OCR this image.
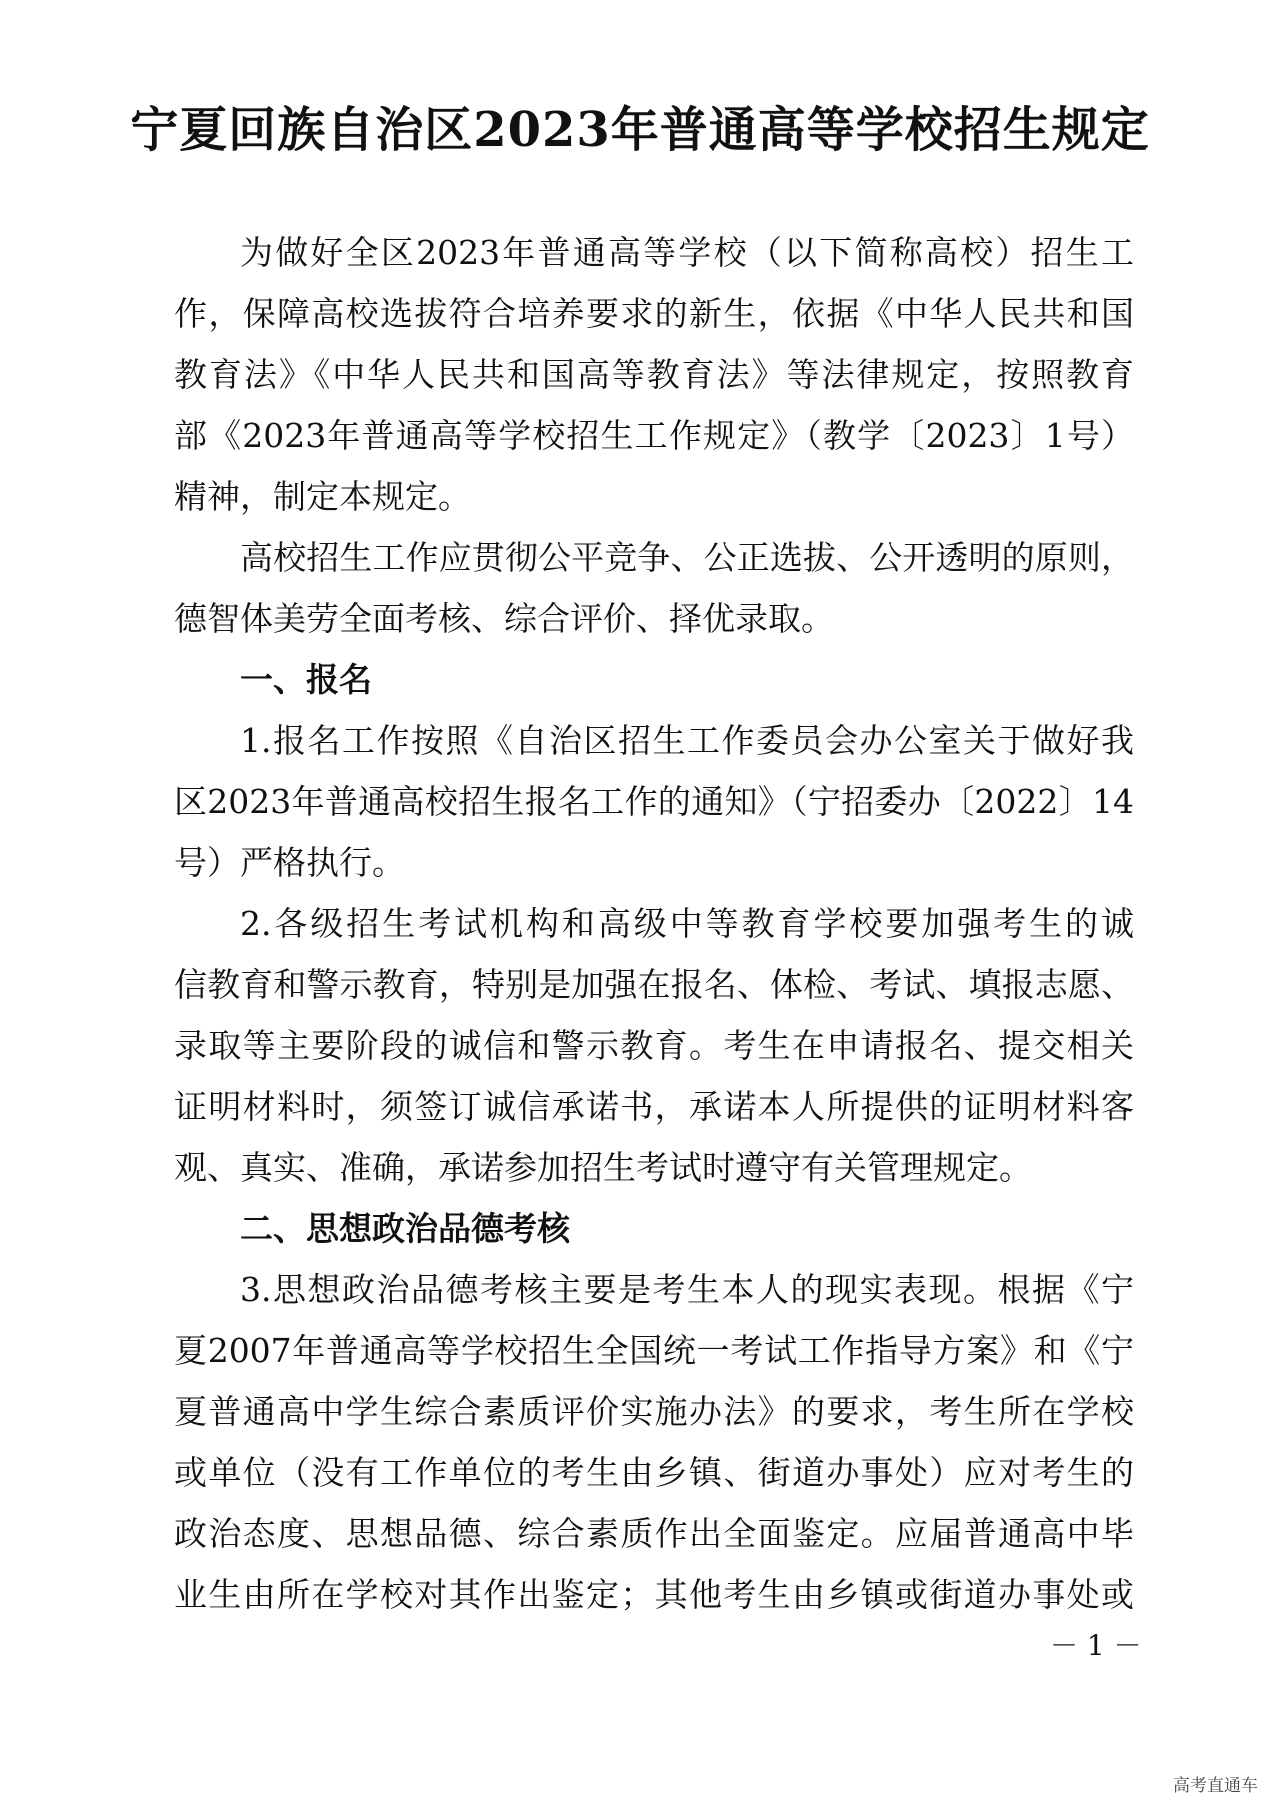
宁夏回族自治区2023年普通高等学校招生规定
为做好全区2023年普通高等学校（以下简称高校）招生工
作，保障高校选拔符合培养要求的新生，依据《中华人民共和国
教育法》《中华人民共和国高等教育法》等法律规定，按照教育
部《2023年普通高等学校招生工作规定》（教学〔2023〕1号）
精神，制定本规定。
高校招生工作应贯彻公平竞争、公正选拔、公开透明的原则，
德智体美劳全面考核、综合评价、择优录取。
一、报名
1.报名工作按照《自治区招生工作委员会办公室关于做好我
区2023年普通高校招生报名工作的通知》（宁招委办〔2022〕14
号）严格执行。
2.各级招生考试机构和高级中等教育学校要加强考生的诚
信教育和警示教育，特别是加强在报名、体检、考试、填报志愿、
录取等主要阶段的诚信和警示教育。考生在申请报名、提交相关
证明材料时，须签订诚信承诺书，承诺本人所提供的证明材料客
观、真实、准确，承诺参加招生考试时遵守有关管理规定。
二、思想政治品德考核
3.思想政治品德考核主要是考生本人的现实表现。根据《宁
夏2007年普通高等学校招生全国统一考试工作指导方案》和《宁
夏普通高中学生综合素质评价实施办法》的要求，考生所在学校
或单位（没有工作单位的考生由乡镇、街道办事处）应对考生的
政治态度、思想品德、综合素质作出全面鉴定。应届普通高中毕
业生由所在学校对其作出鉴定；其他考生由乡镇或街道办事处或
－ 1 －
高考直通车
